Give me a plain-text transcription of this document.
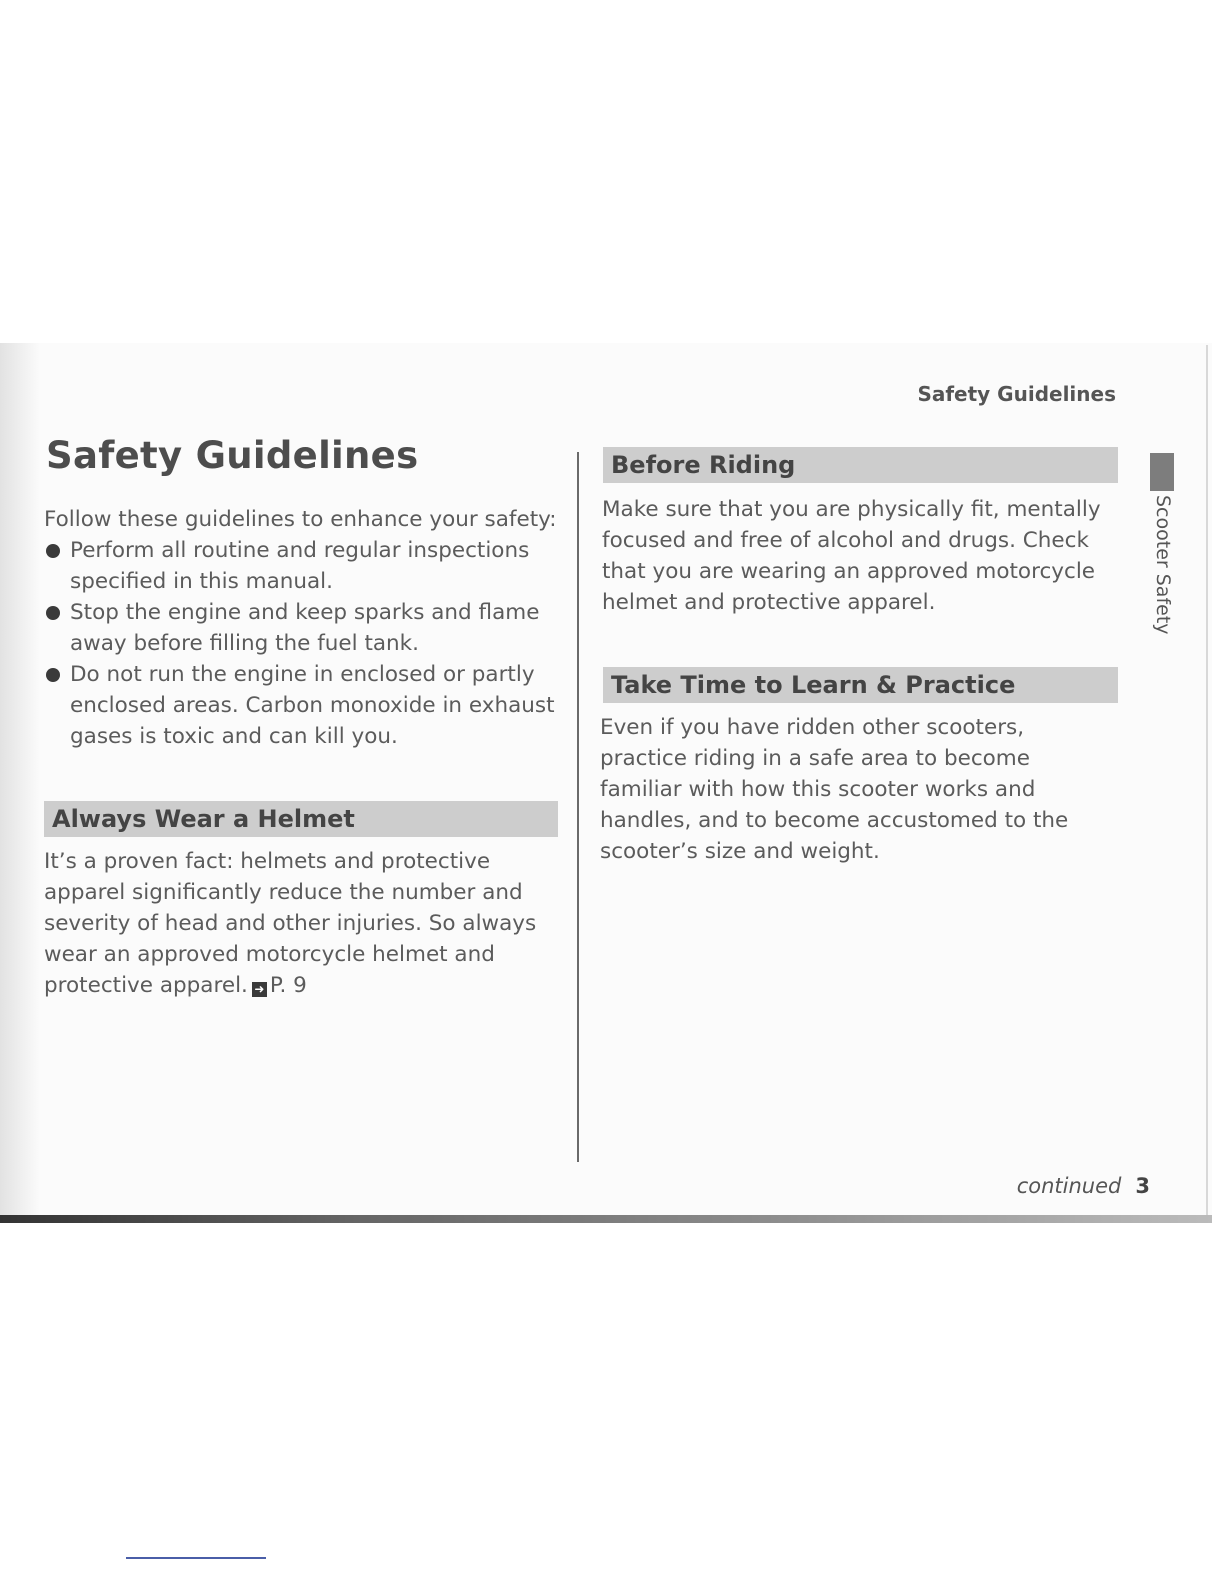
Safety Guidelines
Scooter Safety
Safety Guidelines
Follow these guidelines to enhance your safety:
Perform all routine and regular inspections specified in this manual.
Stop the engine and keep sparks and flame away before filling the fuel tank.
Do not run the engine in enclosed or partly enclosed areas. Carbon monoxide in exhaust gases is toxic and can kill you.
Always Wear a Helmet

It’s a proven fact: helmets and protective apparel significantly reduce the number and severity of head and other injuries. So always wear an approved motorcycle helmet and protective apparel. ➜ P. 9

Before Riding

Make sure that you are physically fit, mentally focused and free of alcohol and drugs. Check that you are wearing an approved motorcycle helmet and protective apparel.

Take Time to Learn & Practice

Even if you have ridden other scooters, practice riding in a safe area to become familiar with how this scooter works and handles, and to become accustomed to the scooter’s size and weight.

continued 3
